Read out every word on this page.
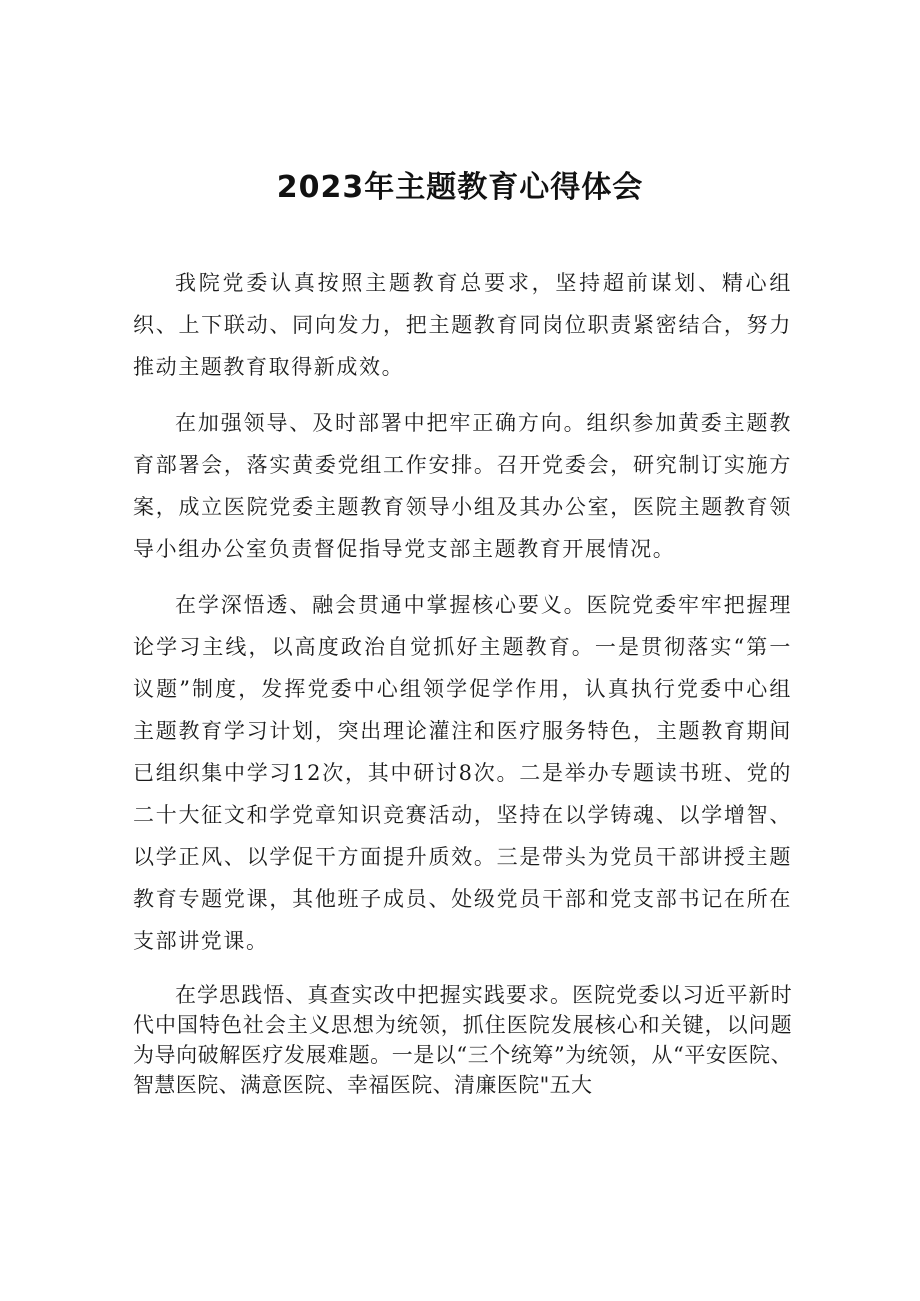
2023年主题教育心得体会

我院党委认真按照主题教育总要求，坚持超前谋划、精心组织、上下联动、同向发力，把主题教育同岗位职责紧密结合，努力推动主题教育取得新成效。

在加强领导、及时部署中把牢正确方向。组织参加黄委主题教育部署会，落实黄委党组工作安排。召开党委会，研究制订实施方案，成立医院党委主题教育领导小组及其办公室，医院主题教育领导小组办公室负责督促指导党支部主题教育开展情况。

在学深悟透、融会贯通中掌握核心要义。医院党委牢牢把握理论学习主线，以高度政治自觉抓好主题教育。一是贯彻落实“第一议题”制度，发挥党委中心组领学促学作用，认真执行党委中心组主题教育学习计划，突出理论灌注和医疗服务特色，主题教育期间已组织集中学习12次，其中研讨8次。二是举办专题读书班、党的二十大征文和学党章知识竞赛活动，坚持在以学铸魂、以学增智、以学正风、以学促干方面提升质效。三是带头为党员干部讲授主题教育专题党课，其他班子成员、处级党员干部和党支部书记在所在支部讲党课。

在学思践悟、真查实改中把握实践要求。医院党委以习近平新时代中国特色社会主义思想为统领，抓住医院发展核心和关键，以问题为导向破解医疗发展难题。一是以“三个统筹”为统领，从“平安医院、智慧医院、满意医院、幸福医院、清廉医院"五大
